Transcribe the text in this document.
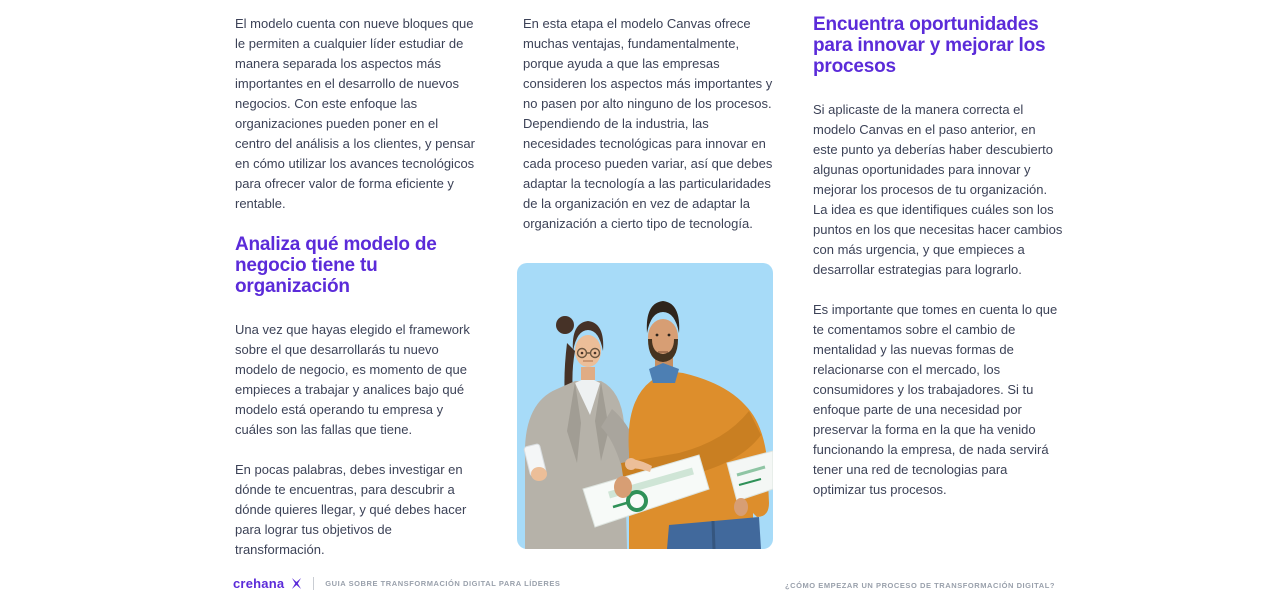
El modelo cuenta con nueve bloques que le permiten a cualquier líder estudiar de manera separada los aspectos más importantes en el desarrollo de nuevos negocios. Con este enfoque las organizaciones pueden poner en el centro del análisis a los clientes, y pensar en cómo utilizar los avances tecnológicos para ofrecer valor de forma eficiente y rentable.

Analiza qué modelo de negocio tiene tu organización

Una vez que hayas elegido el framework sobre el que desarrollarás tu nuevo modelo de negocio, es momento de que empieces a trabajar y analices bajo qué modelo está operando tu empresa y cuáles son las fallas que tiene.

En pocas palabras, debes investigar en dónde te encuentras, para descubrir a dónde quieres llegar, y qué debes hacer para lograr tus objetivos de transformación.

En esta etapa el modelo Canvas ofrece muchas ventajas, fundamentalmente, porque ayuda a que las empresas consideren los aspectos más importantes y no pasen por alto ninguno de los procesos. Dependiendo de la industria, las necesidades tecnológicas para innovar en cada proceso pueden variar, así que debes adaptar la tecnología a las particularidades de la organización en vez de adaptar la organización a cierto tipo de tecnología.

Encuentra oportunidades para innovar y mejorar los procesos

Si aplicaste de la manera correcta el modelo Canvas en el paso anterior, en este punto ya deberías haber descubierto algunas oportunidades para innovar y mejorar los procesos de tu organización. La idea es que identifiques cuáles son los puntos en los que necesitas hacer cambios con más urgencia, y que empieces a desarrollar estrategias para lograrlo.

Es importante que tomes en cuenta lo que te comentamos sobre el cambio de mentalidad y las nuevas formas de relacionarse con el mercado, los consumidores y los trabajadores. Si tu enfoque parte de una necesidad por preservar la forma en la que ha venido funcionando la empresa, de nada servirá tener una red de tecnologias para optimizar tus procesos.

crehana	GUIA SOBRE TRANSFORMACIÓN DIGITAL PARA LÍDERES	¿CÓMO EMPEZAR UN PROCESO DE TRANSFORMACIÓN DIGITAL?
